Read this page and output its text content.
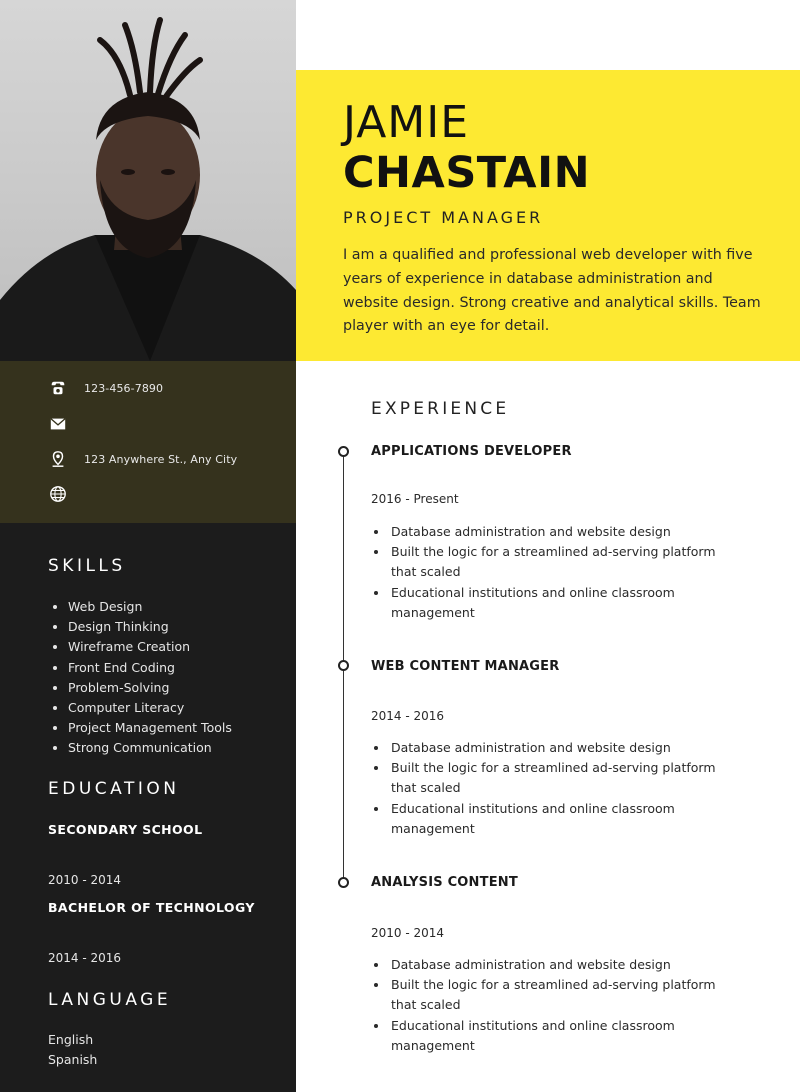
123-456-7890
123 Anywhere St., Any City
SKILLS
Web Design
Design Thinking
Wireframe Creation
Front End Coding
Problem-Solving
Computer Literacy
Project Management Tools
Strong Communication
EDUCATION
SECONDARY SCHOOL
2010 - 2014
BACHELOR OF TECHNOLOGY
2014 - 2016
LANGUAGE
English
Spanish
JAMIE
CHASTAIN
PROJECT MANAGER
I am a qualified and professional web developer with five years of experience in database administration and website design. Strong creative and analytical skills. Team player with an eye for detail.
EXPERIENCE
APPLICATIONS DEVELOPER
2016 - Present
Database administration and website design
Built the logic for a streamlined ad-serving platform that scaled
Educational institutions and online classroom management
WEB CONTENT MANAGER
2014 - 2016
Database administration and website design
Built the logic for a streamlined ad-serving platform that scaled
Educational institutions and online classroom management
ANALYSIS CONTENT
2010 - 2014
Database administration and website design
Built the logic for a streamlined ad-serving platform that scaled
Educational institutions and online classroom management
